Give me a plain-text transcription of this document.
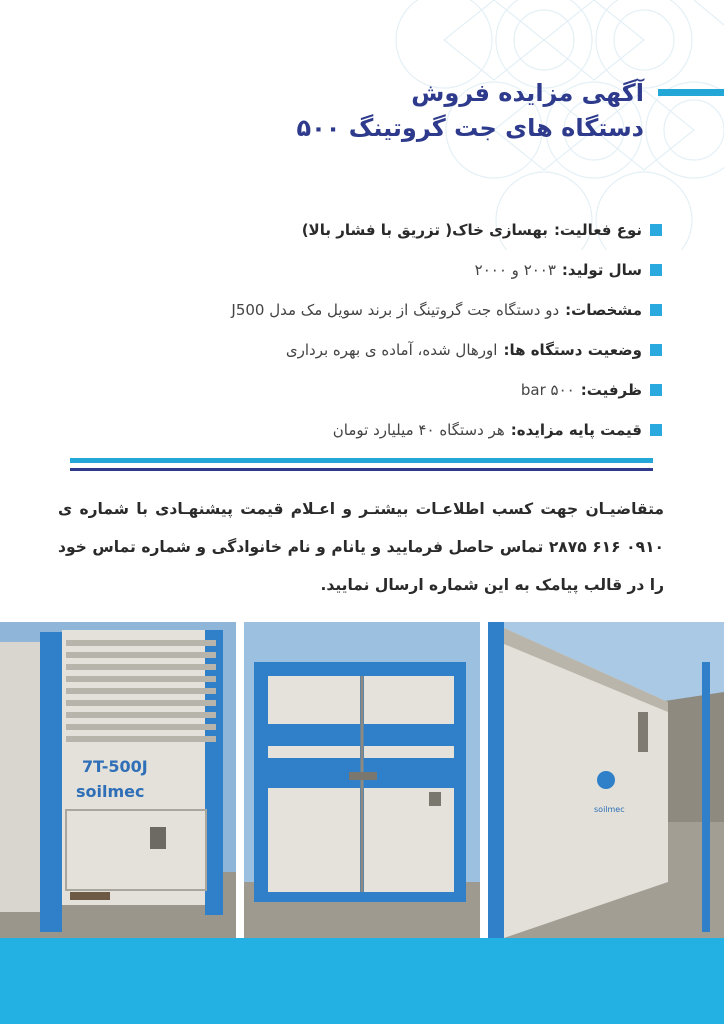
آگهی مزایده فروش
دستگاه های جت گروتینگ ۵۰۰
نوع فعالیت:
بهسازی خاک( تزریق با فشار بالا)
سال تولید:
۲۰۰۳ و ۲۰۰۰
مشخصات:
دو دستگاه جت گروتینگ از برند سویل مک مدل J500
وضعیت دستگاه ها:
اورهال شده، آماده ی بهره برداری
ظرفیت:
۵۰۰ bar
قیمت پایه مزایده:
هر دستگاه ۴۰ میلیارد تومان
متقاضیـان جهت کسب اطلاعـات بیشتـر و اعـلام قیمت پیشنهـادی با شماره ی ۰۹۱۰ ۶۱۶ ۲۸۷۵ تماس حاصل فرمایید و یانام و نام خانوادگی و شماره تماس خود را در قالب پیامک به این شماره ارسال نمایید.
7T-500J
soilmec
soilmec
